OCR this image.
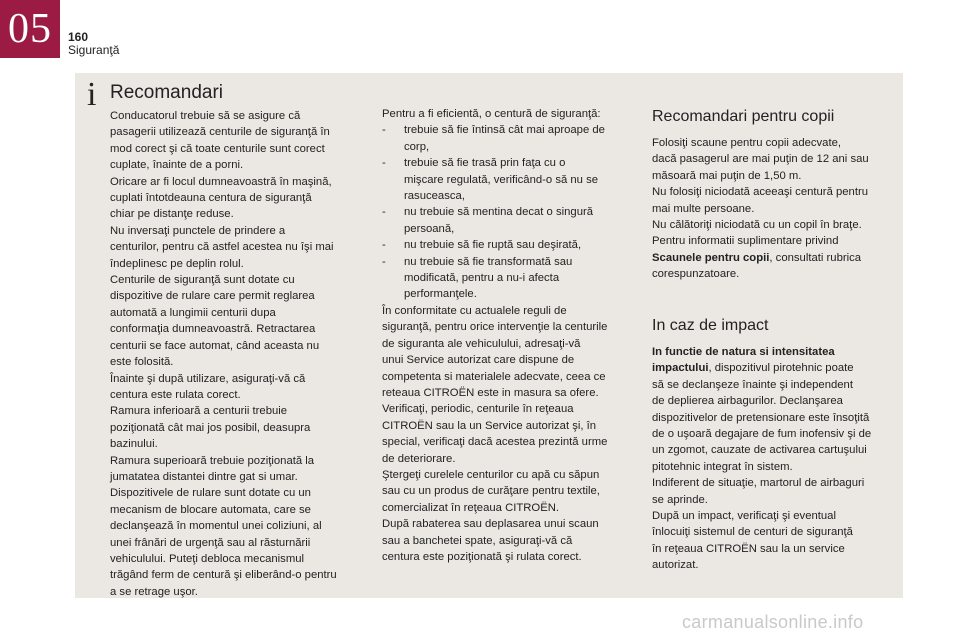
05	160
Siguranţă
i Recomandari

Conducatorul trebuie să se asigure că

pasagerii utilizează centurile de siguranţă în

mod corect şi că toate centurile sunt corect

cuplate, înainte de a porni.

Oricare ar fi locul dumneavoastră în maşină,

cuplati întotdeauna centura de siguranţă

chiar pe distanţe reduse.

Nu inversaţi punctele de prindere a

centurilor, pentru că astfel acestea nu îşi mai

îndeplinesc pe deplin rolul.

Centurile de siguranţă sunt dotate cu

dispozitive de rulare care permit reglarea

automată a lungimii centurii dupa

conformaţia dumneavoastră. Retractarea

centurii se face automat, când aceasta nu

este folosită.

Înainte şi după utilizare, asiguraţi-vă că

centura este rulata corect.

Ramura inferioară a centurii trebuie

poziţionată cât mai jos posibil, deasupra

bazinului.

Ramura superioară trebuie poziţionată la

jumatatea distantei dintre gat si umar.

Dispozitivele de rulare sunt dotate cu un

mecanism de blocare automata, care se

declanşează în momentul unei coliziuni, al

unei frânări de urgenţă sau al răsturnării

vehiculului. Puteţi debloca mecanismul

trăgând ferm de centură şi eliberând-o pentru

a se retrage uşor.

Pentru a fi eficientă, o centură de siguranţă:

-	trebuie să fie întinsă cât mai aproape de

corp,

-	trebuie să fie trasă prin faţa cu o

mişcare regulată, verificând-o să nu se

rasuceasca,

-	nu trebuie să mentina decat o singură

persoană,

-	nu trebuie să fie ruptă sau deşirată,

-	nu trebuie să fie transformată sau

modificată, pentru a nu-i afecta

performanţele.

În conformitate cu actualele reguli de

siguranţă, pentru orice intervenţie la centurile

de siguranta ale vehiculului, adresaţi-vă

unui Service autorizat care dispune de

competenta si materialele adecvate, ceea ce

reteaua CITROËN este in masura sa ofere.

Verificaţi, periodic, centurile în reţeaua

CITROËN sau la un Service autorizat şi, în

special, verificaţi dacă acestea prezintă urme

de deteriorare.

Ştergeţi curelele centurilor cu apă cu săpun

sau cu un produs de curăţare pentru textile,

comercializat în reţeaua CITROËN.

După rabaterea sau deplasarea unui scaun

sau a banchetei spate, asiguraţi-vă că

centura este poziţionată şi rulata corect.

Recomandari pentru copii

Folosiţi scaune pentru copii adecvate,

dacă pasagerul are mai puţin de 12 ani sau

măsoară mai puţin de 1,50 m.

Nu folosiţi niciodată aceeaşi centură pentru

mai multe persoane.

Nu călătoriţi niciodată cu un copil în braţe.

Pentru informatii suplimentare privind

Scaunele pentru copii, consultati rubrica

corespunzatoare.

In caz de impact

In functie de natura si intensitatea

impactului, dispozitivul pirotehnic poate

să se declanşeze înainte şi independent

de deplierea airbagurilor. Declanşarea

dispozitivelor de pretensionare este însoţită

de o uşoară degajare de fum inofensiv şi de

un zgomot, cauzate de activarea cartuşului

pitotehnic integrat în sistem.

Indiferent de situaţie, martorul de airbaguri

se aprinde.

După un impact, verificaţi şi eventual

înlocuiţi sistemul de centuri de siguranţă

în reţeaua CITROËN sau la un service

autorizat.

carmanualsonline.info
